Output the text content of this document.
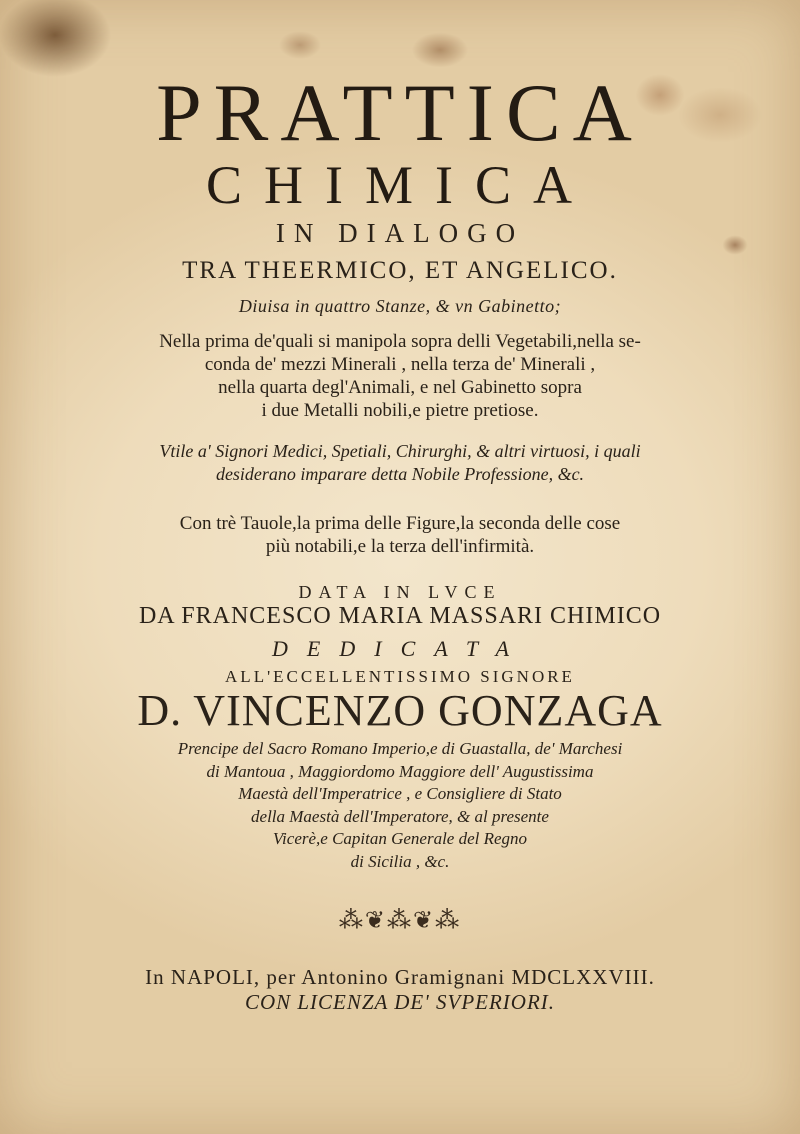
PRATTICA
CHIMICA
IN DIALOGO
TRA THEERMICO, ET ANGELICO.
Diuisa in quattro Stanze, & vn Gabinetto;
Nella prima de'quali si manipola sopra delli Vegetabili,nella se-
conda de' mezzi Minerali , nella terza de' Minerali ,
nella quarta degl'Animali, e nel Gabinetto sopra
i due Metalli nobili,e pietre pretiose.
Vtile a' Signori Medici, Spetiali, Chirurghi, & altri virtuosi, i quali
desiderano imparare detta Nobile Professione, &c.
Con trè Tauole,la prima delle Figure,la seconda delle cose
più notabili,e la terza dell'infirmità.
DATA IN LVCE
DA FRANCESCO MARIA MASSARI CHIMICO
DEDICATA
ALL'ECCELLENTISSIMO SIGNORE
D. VINCENZO GONZAGA
Prencipe del Sacro Romano Imperio,e di Guastalla, de' Marchesi
di Mantoua , Maggiordomo Maggiore dell' Augustissima
Maestà dell'Imperatrice , e Consigliere di Stato
della Maestà dell'Imperatore, & al presente
Vicerè,e Capitan Generale del Regno
di Sicilia , &c.
⁂❦⁂❦⁂
In NAPOLI, per Antonino Gramignani MDCLXXVIII.
CON LICENZA DE' SVPERIORI.
